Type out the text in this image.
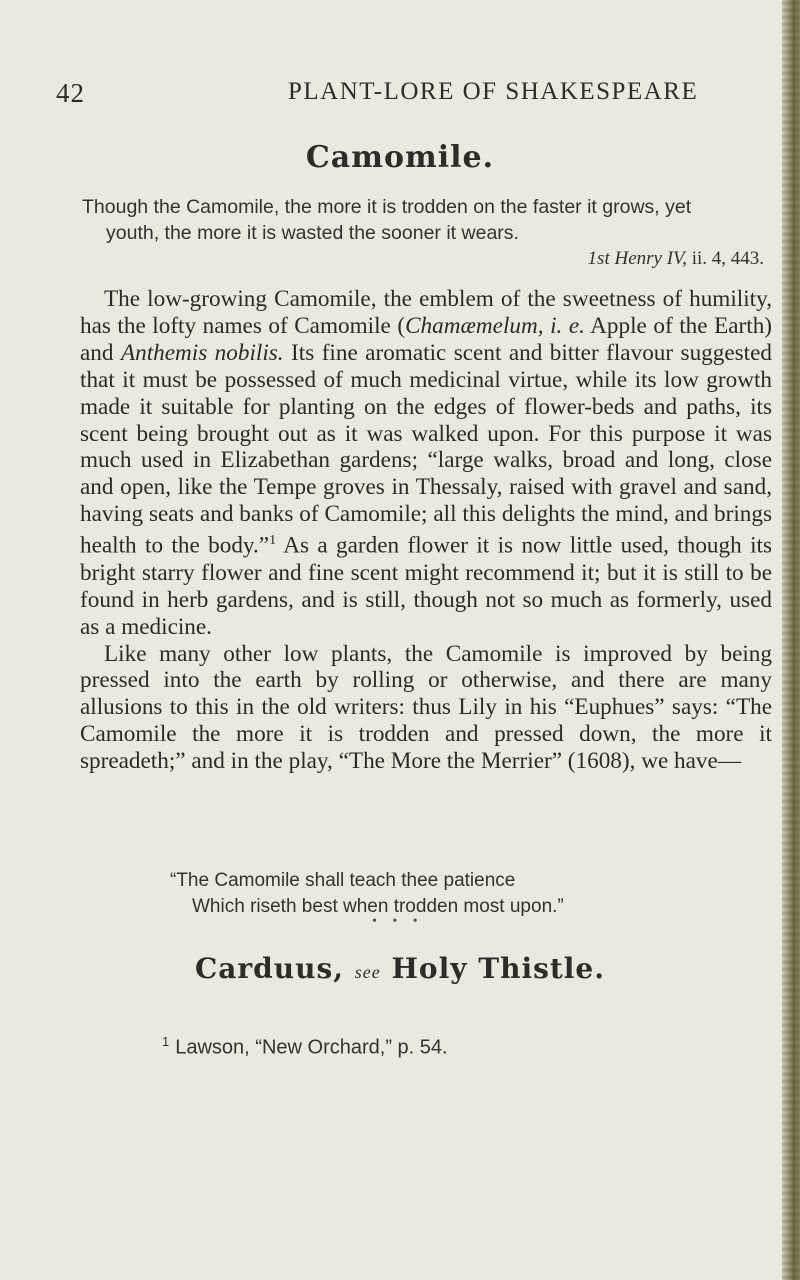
42	PLANT-LORE OF SHAKESPEARE
Camomile.
Though the Camomile, the more it is trodden on the faster it grows, yet
youth, the more it is wasted the sooner it wears.
1st Henry IV, ii. 4, 443.

The low-growing Camomile, the emblem of the sweetness of humility, has the lofty names of Camomile (Chamæmelum, i. e. Apple of the Earth) and Anthemis nobilis. Its fine aromatic scent and bitter flavour suggested that it must be possessed of much medicinal virtue, while its low growth made it suitable for planting on the edges of flower-beds and paths, its scent being brought out as it was walked upon. For this purpose it was much used in Elizabethan gardens; “large walks, broad and long, close and open, like the Tempe groves in Thessaly, raised with gravel and sand, having seats and banks of Camomile; all this delights the mind, and brings health to the body.”$^1$ As a garden flower it is now little used, though its bright starry flower and fine scent might recommend it; but it is still to be found in herb gardens, and is still, though not so much as formerly, used as a medicine.

Like many other low plants, the Camomile is improved by being pressed into the earth by rolling or otherwise, and there are many allusions to this in the old writers: thus Lily in his “Euphues” says: “The Camomile the more it is trodden and pressed down, the more it spreadeth;” and in the play, “The More the Merrier” (1608), we have—

“The Camomile shall teach thee patience
Which riseth best when trodden most upon.”
• • •
Carduus, see Holy Thistle.
$^1$ Lawson, “New Orchard,” p. 54.
